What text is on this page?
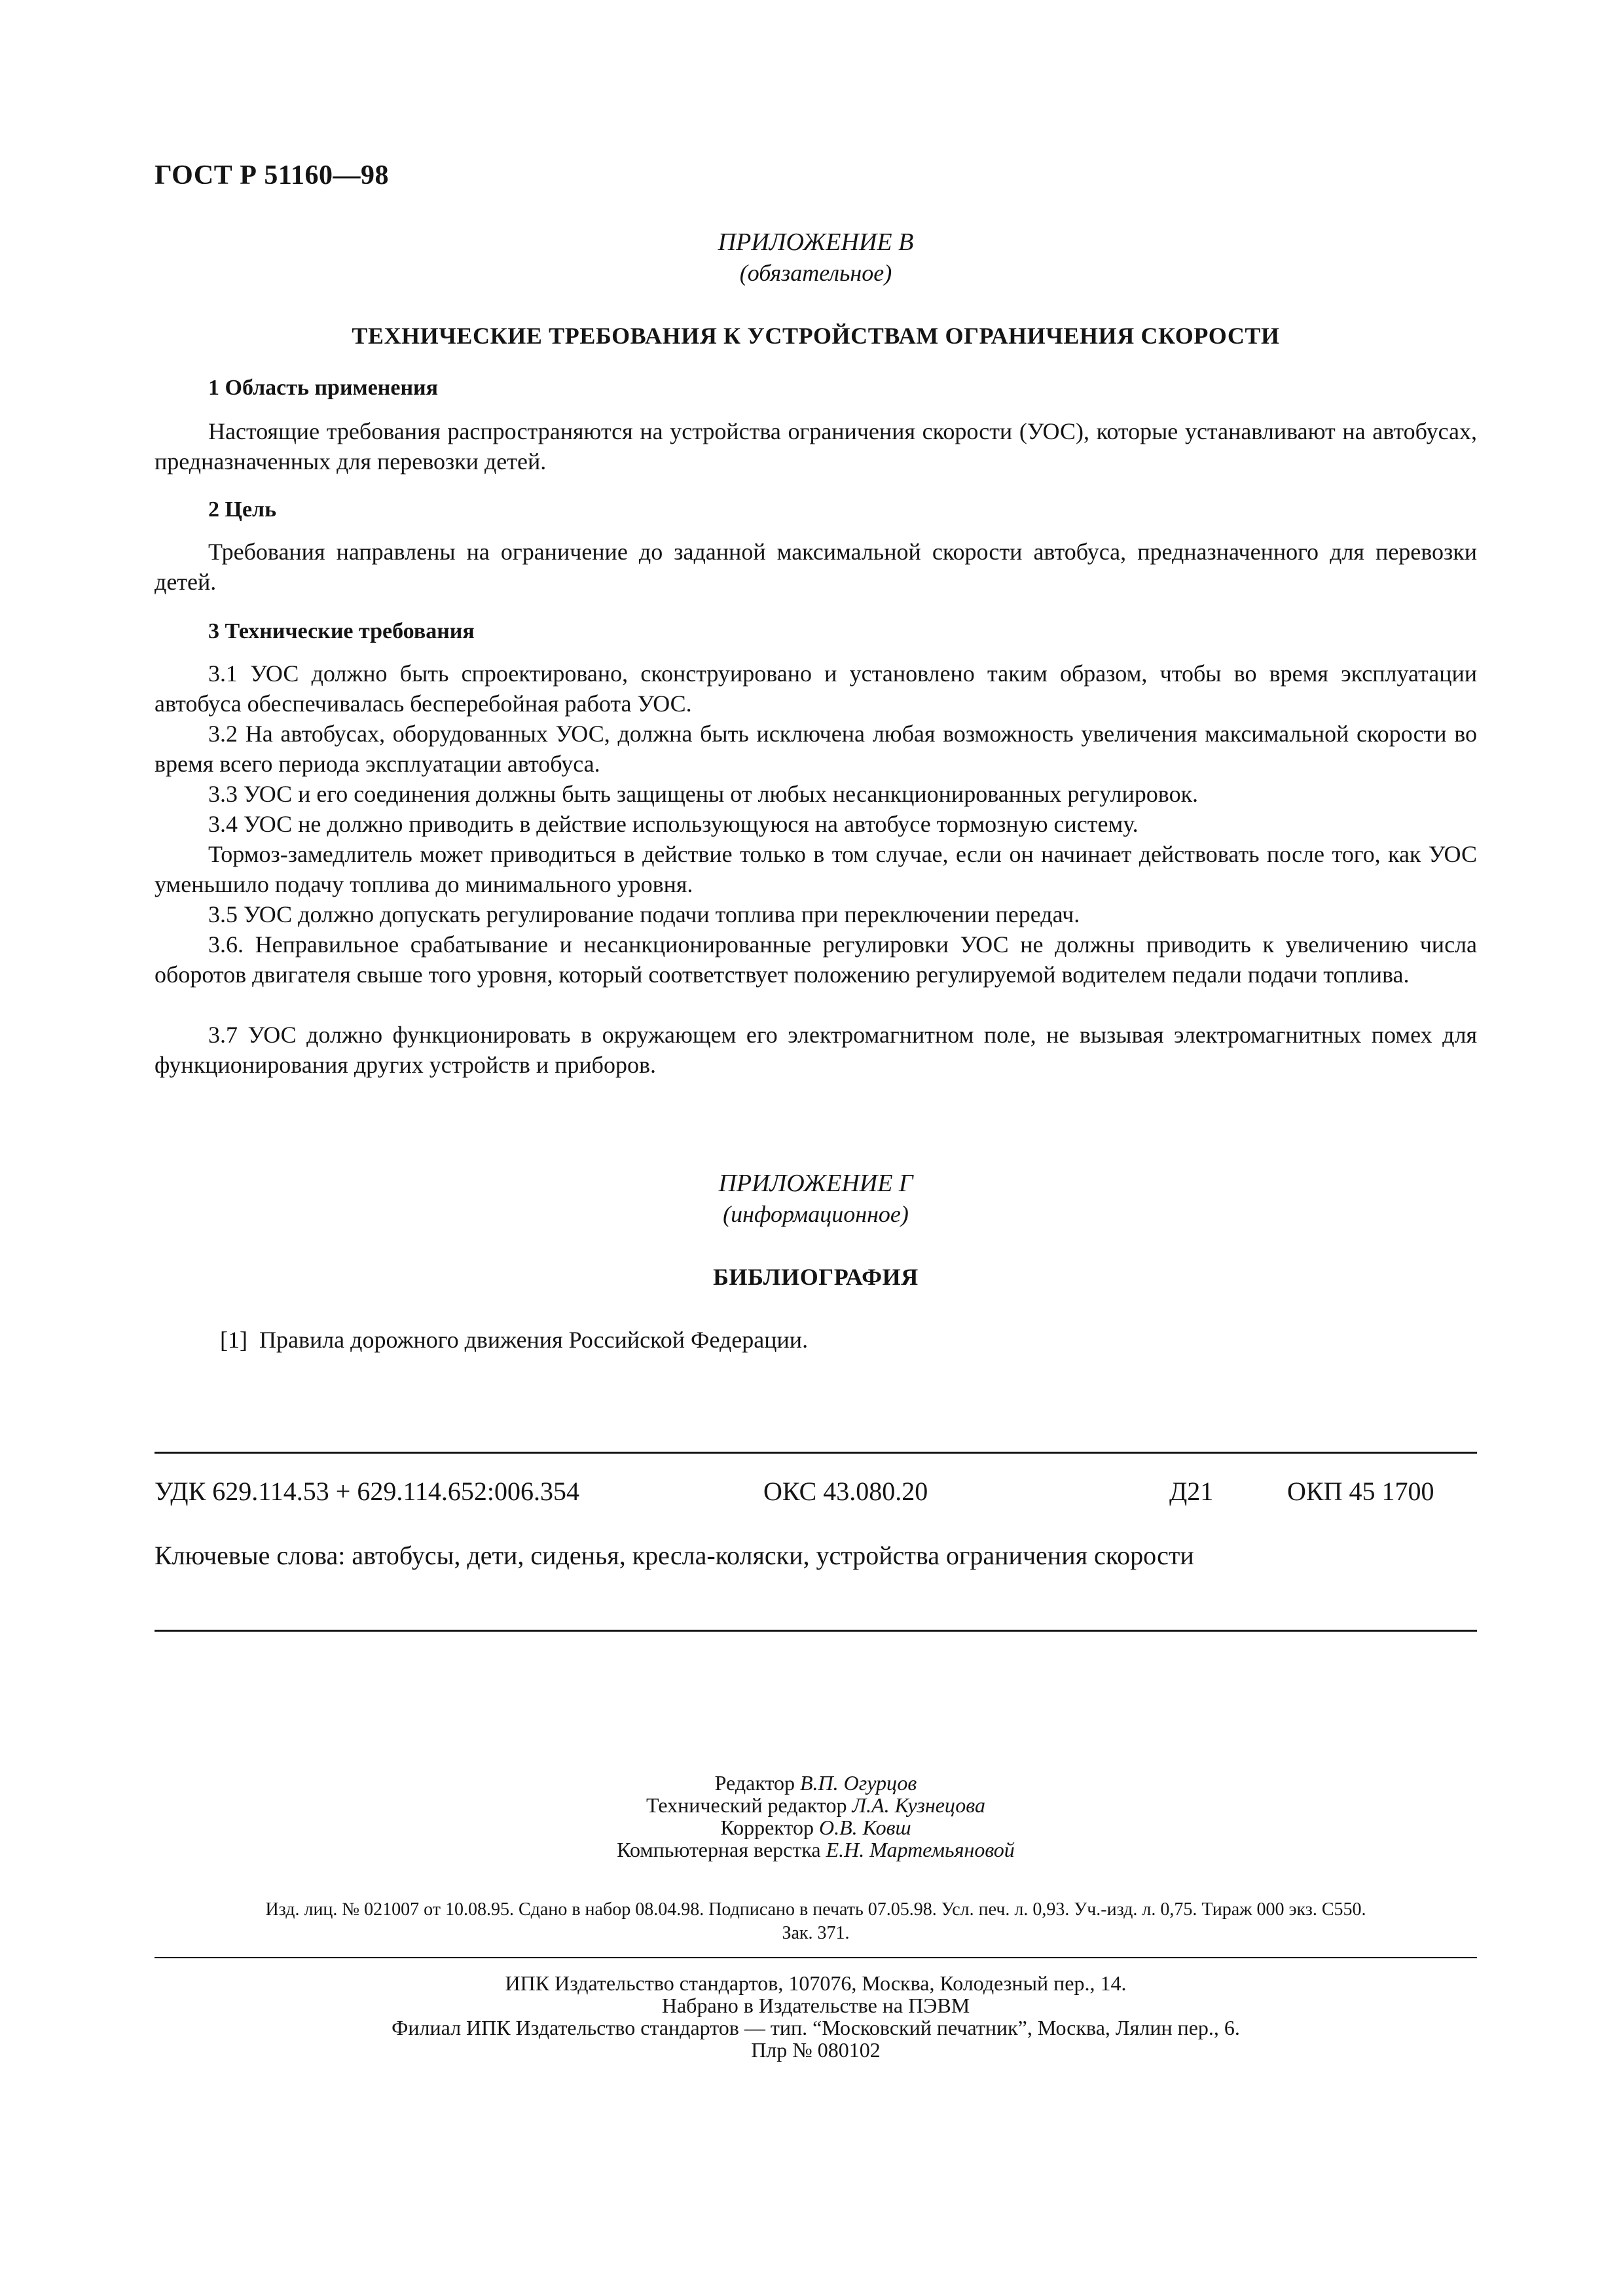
ГОСТ Р 51160—98
ПРИЛОЖЕНИЕ В
(обязательное)
ТЕХНИЧЕСКИЕ ТРЕБОВАНИЯ К УСТРОЙСТВАМ ОГРАНИЧЕНИЯ СКОРОСТИ
1 Область применения

Настоящие требования распространяются на устройства ограничения скорости (УОС), которые устанавливают на автобусах, предназначенных для перевозки детей.

2 Цель

Требования направлены на ограничение до заданной максимальной скорости автобуса, предназначенного для перевозки детей.

3 Технические требования

3.1 УОС должно быть спроектировано, сконструировано и установлено таким образом, чтобы во время эксплуатации автобуса обеспечивалась бесперебойная работа УОС.

3.2 На автобусах, оборудованных УОС, должна быть исключена любая возможность увеличения максимальной скорости во время всего периода эксплуатации автобуса.

3.3 УОС и его соединения должны быть защищены от любых несанкционированных регулировок.

3.4 УОС не должно приводить в действие использующуюся на автобусе тормозную систему.

Тормоз-замедлитель может приводиться в действие только в том случае, если он начинает действовать после того, как УОС уменьшило подачу топлива до минимального уровня.

3.5 УОС должно допускать регулирование подачи топлива при переключении передач.

3.6. Неправильное срабатывание и несанкционированные регулировки УОС не должны приводить к увеличению числа оборотов двигателя свыше того уровня, который соответствует положению регулируемой водителем педали подачи топлива.

3.7 УОС должно функционировать в окружающем его электромагнитном поле, не вызывая электромагнитных помех для функционирования других устройств и приборов.

ПРИЛОЖЕНИЕ Г
(информационное)
БИБЛИОГРАФИЯ
[1]  Правила дорожного движения Российской Федерации.
УДК 629.114.53 + 629.114.652:006.354	ОКС 43.080.20	Д21	ОКП 45 1700
Ключевые слова: автобусы, дети, сиденья, кресла-коляски, устройства ограничения скорости
Редактор В.П. Огурцов
Технический редактор Л.А. Кузнецова
Корректор О.В. Ковш
Компьютерная верстка Е.Н. Мартемьяновой
Изд. лиц. № 021007 от 10.08.95. Сдано в набор 08.04.98. Подписано в печать 07.05.98. Усл. печ. л. 0,93. Уч.-изд. л. 0,75. Тираж 000 экз. С550.
Зак. 371.
ИПК Издательство стандартов, 107076, Москва, Колодезный пер., 14.
Набрано в Издательстве на ПЭВМ
Филиал ИПК Издательство стандартов — тип. “Московский печатник”, Москва, Лялин пер., 6.
Плр № 080102
